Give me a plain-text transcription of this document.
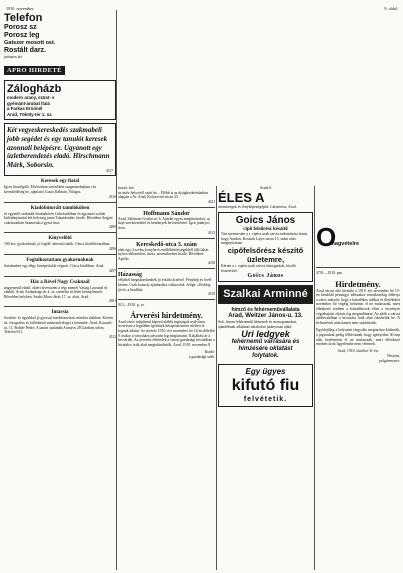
1910. november.	9. oldal.
Telefon
Porosz sz
Porosz leg
Gatszer mosott ost.
Rostált darz.
jutányos ári
APRO HIRDETÉ
Zálogházb
modern arany, ezüst- s
gyémánt-árubat ltalá
a Farkas Ernőnél
Arad, Tököly-tér 1. sz.

Két vegyeskereskedés szakmabeli jobb segédet és egy tanulót keresek azonnali belépésre. Ugyanott egy üzletberendezés eladó. Hirschmann Márk, Soborsin.

4317
Keresek egy fiatal

Igyes kiszolgáló. Elsősorban szerződési szagmászbajban s ki kereskedőség be, ajánlatot Gusta Kálmán, Világos.

4316
Kiadóbútorált tanulóköben

és egyenlő szakmák Szabadtéren Cukrászdában és ugyanott szobái különbejárattal két helyiség jutna Tukaidembe; kiadó. Bővebbet Szigeti cukrászatban Szamosútca gymi-útca.

4289
Kínyvelőtő

100 kor. gyakorlattal, jó fogfál- keresni tudok. Cím a kiadóhivatalban.

4296
Foglalkoztattam gyakornoknak

fiatalember egy dégy középiskolát végzett. Cím a kiadóban. Arad.

4297
Ház a Rével Nagy Csaknaál

angyenesül eladó, akiért átvesszem a régi mentét Vastag Lajosnál és eladók. Arad, Szabadság-tér 4. sz. rendelni itt lehet kénnyítennél. Bővebbet helyben, Szabó Marx-Járás 17. sz. alatt. Arad.

4301
Intarsia

Szobrái- és ágyakkal jó gyorsul faerkészeztzni, minden alakban. Kérem sk. fotográfus és különböző műtermű eleget a kezembe. Arad, Kossuth-ut. 11. Bobler Pedre. A tanári szakmák Aranyos 28 Gárdom udvar. Telefon 611.

4312

hozzá, hol

az intéz helyeiről szint be... Előbb is az újsághirdetésünkön alapján a Ar. Arad, Kolozsvári-útcza 25.

4321
Hoffmann Sándor

Arad, Salétrom-Gyülai ut. 6. Ajánlat egyes megbízásokra, uj hajó szerkezetekre és kémények bevezetésére. Igen jutányos áron.

4315
Kereskedő-utca 3. szám

alatt egy 4 szoba, konyha és mellékhelyiségekből álló lakás nyitva időszerűen, tiszta, novemberben kiadó. Bővebbet: Apollo.

4318
Házasság

céljából megismerkednék jó erkölcsű nővel. Fénykép és levél kérem. Csak komoly ajánlatokra válaszolok. Jelige: »Boldog jövő« a kiadóba.

4319
913—1910. g. sz.
Árverési hirdetmény.

Arad város tulajdonát képező alábbi ingóságok nyilvános árverésen a legtöbbet ígérőnek készpénzfizetés mellett el fognak adatni. Az árverés 1910. évi november hó 14-én délelőtt 9 órakor a városháza udvarán fog megtartatni. Kikiáltási ár a becsérték. Az árverési feltételek a városi gazdasági hivatalban a hivatalos órák alatt megtekinthetők. Arad, 1910. november 8.

Kiadó:
a gazdasági szék.
Aradi 6
ÉLES A

szemüvegek és fényképezőgépek. Látszerész, Arad.

Goics János
cipő felsőrész készítő

Van szerencsém a t. cipész urak szives tudomására hozni, hogy Aradon, Kossuth Lajos-utcza 15. szám alatt megnyitottam

cipőfelsőrész készítő üzletemre,

Kérem a t. cipész urak szíves támogatását, kiváló tisztelettel:

Goics János
Szalkai Arminné
hímző és fehérneművállalata
Arad, Weitzer János-u. 13.

Sok, finom fehérneműt hímeztek és monogramokat, ajándéknak alkalmas darabokat jutányosan ajánl.

Uri ledgyek
fehérnemű varrására és
hímzésére oktatást
folytatok.
Egy ügyes
kifutó fiu
felvétetik.
O
magvételre
4791—1910. pm.
Hirdetmény.

Arad városi adó hivatala a 1910. évi november hó 15-én kezdődő pénzügyi időszakra vonatkozólag felhívja a város adózóit, hogy a hátralékos adókat és illetékeket november hó végéig befizetni el ne mulasszák, mert ellenkező esetben a hátralékosok ellen a törvényes végrehajtási eljárás fog megindíttatni. Az adók a városi adóhivatalban a hivatalos órák alatt fizethetők be. A befizetések után kamat nem számíttatik.

Egyidejűleg a helyszíni tárgyalás megtartása kitűzetik, a jogosultak pedig felhívatnak, hogy igényeiket 30 nap alatt bejelenteni el ne mulasszák, mert ellenkező esetben azok figyelembe nem vétetnek.

Arad, 1910. október 31-én.
Netyem,
polgármester.
